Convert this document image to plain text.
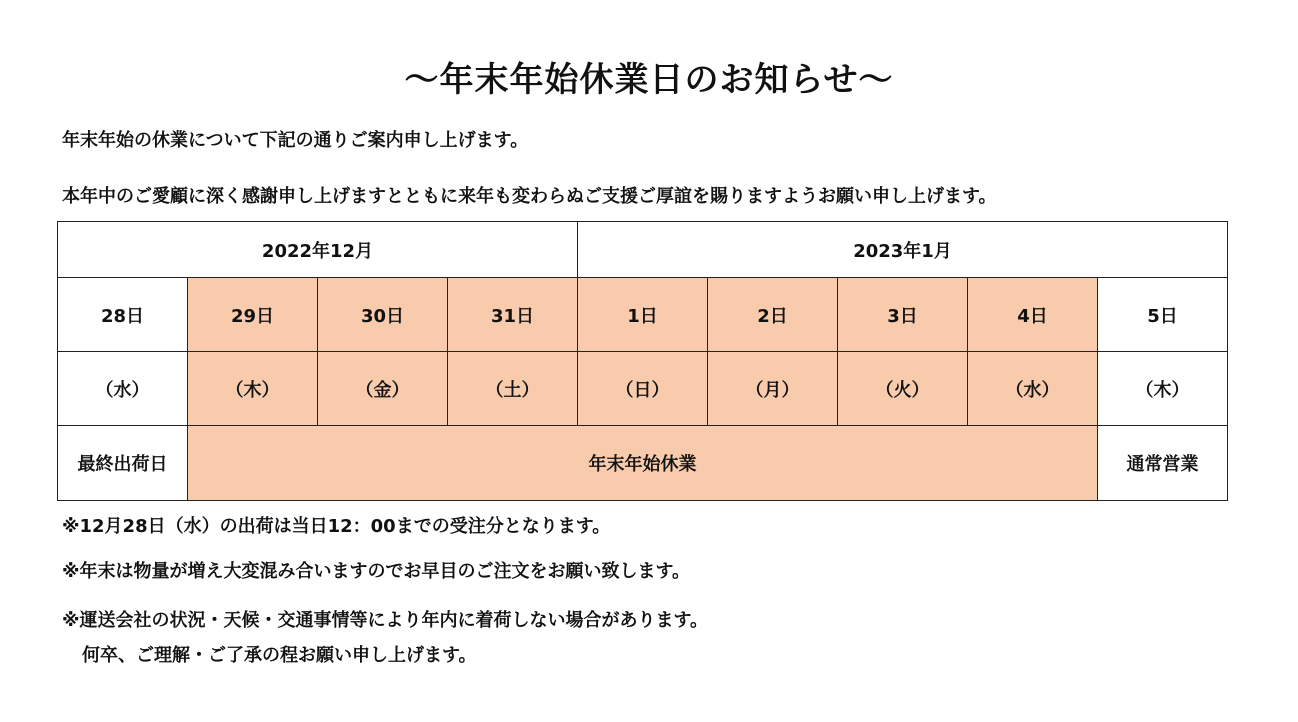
～年末年始休業日のお知らせ～
年末年始の休業について下記の通りご案内申し上げます。
本年中のご愛顧に深く感謝申し上げますとともに来年も変わらぬご支援ご厚誼を賜りますようお願い申し上げます。
2022年12月				2023年1月				
28日	29日	30日	31日	1日	2日	3日	4日	5日
（水）	（木）	（金）	（土）	（日）	（月）	（火）	（水）	（木）
最終出荷日	年末年始休業							通常営業
※12月28日（水）の出荷は当日12：00までの受注分となります。
※年末は物量が増え大変混み合いますのでお早目のご注文をお願い致します。
※運送会社の状況・天候・交通事情等により年内に着荷しない場合があります。
何卒、ご理解・ご了承の程お願い申し上げます。
